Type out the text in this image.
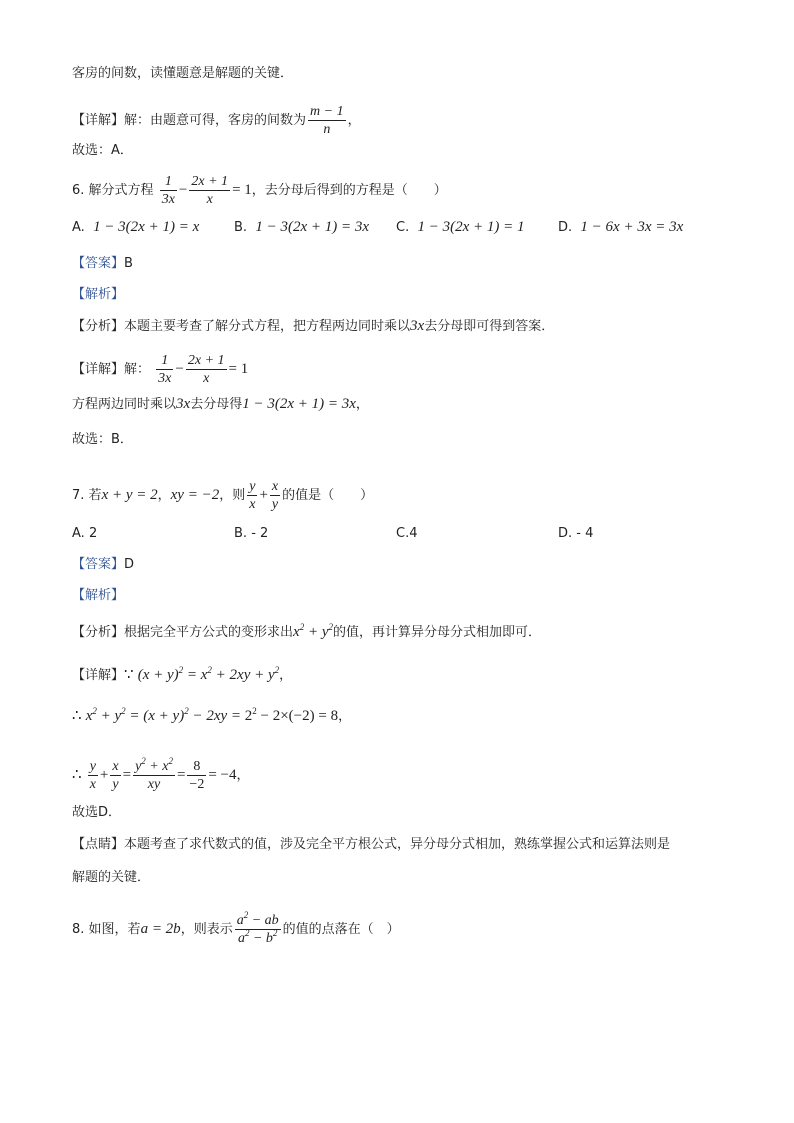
客房的间数，读懂题意是解题的关键．
【详解】解：由题意可得，客房的间数为 $\frac{m - 1}{n}$ ，
故选：A．
6. 解分式方程 $\frac{1}{3x} - \frac{2x + 1}{x} = 1$，去分母后得到的方程是（　　）
A. 1 − 3(2x + 1) = x	B. 1 − 3(2x + 1) = 3x C. 1 − 3(2x + 1) = 1	D. 1 − 6x + 3x = 3x
【答案】B
【解析】
【分析】本题主要考查了解分式方程，把方程两边同时乘以3x去分母即可得到答案．
【详解】解： $\frac{1}{3x} - \frac{2x + 1}{x} = 1$
方程两边同时乘以3x去分母得1 − 3(2x + 1) = 3x，
故选：B．
7. 若x + y = 2，xy = −2，则 $\frac{y}{x} + \frac{x}{y}$ 的值是（　　）
A. 2	B. - 2	C.4	D. - 4
【答案】D
【解析】
【分析】根据完全平方公式的变形求出$x^2 + y^2$的值，再计算异分母分式相加即可．
【详解】∵ $(x + y)^2 = x^2 + 2xy + y^2$，
∴ $x^2 + y^2 = (x + y)^2 - 2xy = 2^2 - 2\times(-2) = 8$，
∴ $\frac{y}{x} + \frac{x}{y} = \frac{y^2 + x^2}{xy} = \frac{8}{-2} = -4$，
故选D．
【点睛】本题考查了求代数式的值，涉及完全平方根公式，异分母分式相加，熟练掌握公式和运算法则是
解题的关键．
8. 如图，若a = 2b，则表示 $\frac{a^2 - ab}{a^2 - b^2}$ 的值的点落在（　）
